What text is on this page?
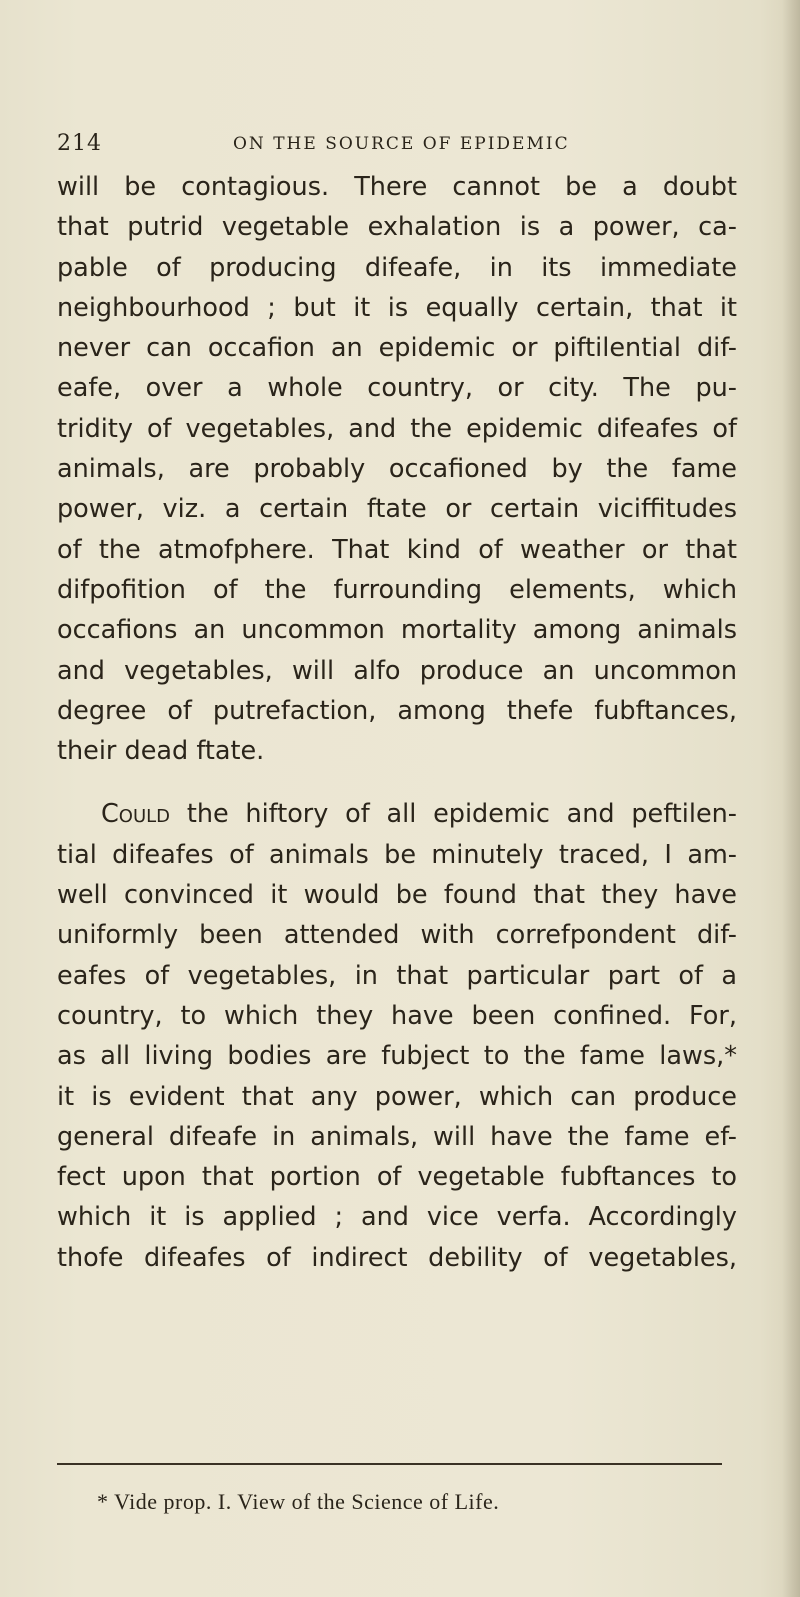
214	ON THE SOURCE OF EPIDEMIC
will be contagious. There cannot be a doubt
that putrid vegetable exhalation is a power, ca-
pable of producing difeafe, in its immediate
neighbourhood ; but it is equally certain, that it
never can occafion an epidemic or piftilential dif-
eafe, over a whole country, or city. The pu-
tridity of vegetables, and the epidemic difeafes of
animals, are probably occafioned by the fame
power, viz. a certain ftate or certain viciffitudes
of the atmofphere. That kind of weather or that
difpofition of the furrounding elements, which
occafions an uncommon mortality among animals
and vegetables, will alfo produce an uncommon
degree of putrefaction, among thefe fubftances,
their dead ftate.
Could the hiftory of all epidemic and peftilen-
tial difeafes of animals be minutely traced, I am-
well convinced it would be found that they have
uniformly been attended with correfpondent dif-
eafes of vegetables, in that particular part of a
country, to which they have been confined. For,
as all living bodies are fubject to the fame laws,*
it is evident that any power, which can produce
general difeafe in animals, will have the fame ef-
fect upon that portion of vegetable fubftances to
which it is applied ; and vice verfa. Accordingly
thofe difeafes of indirect debility of vegetables,
* Vide prop. I. View of the Science of Life.
